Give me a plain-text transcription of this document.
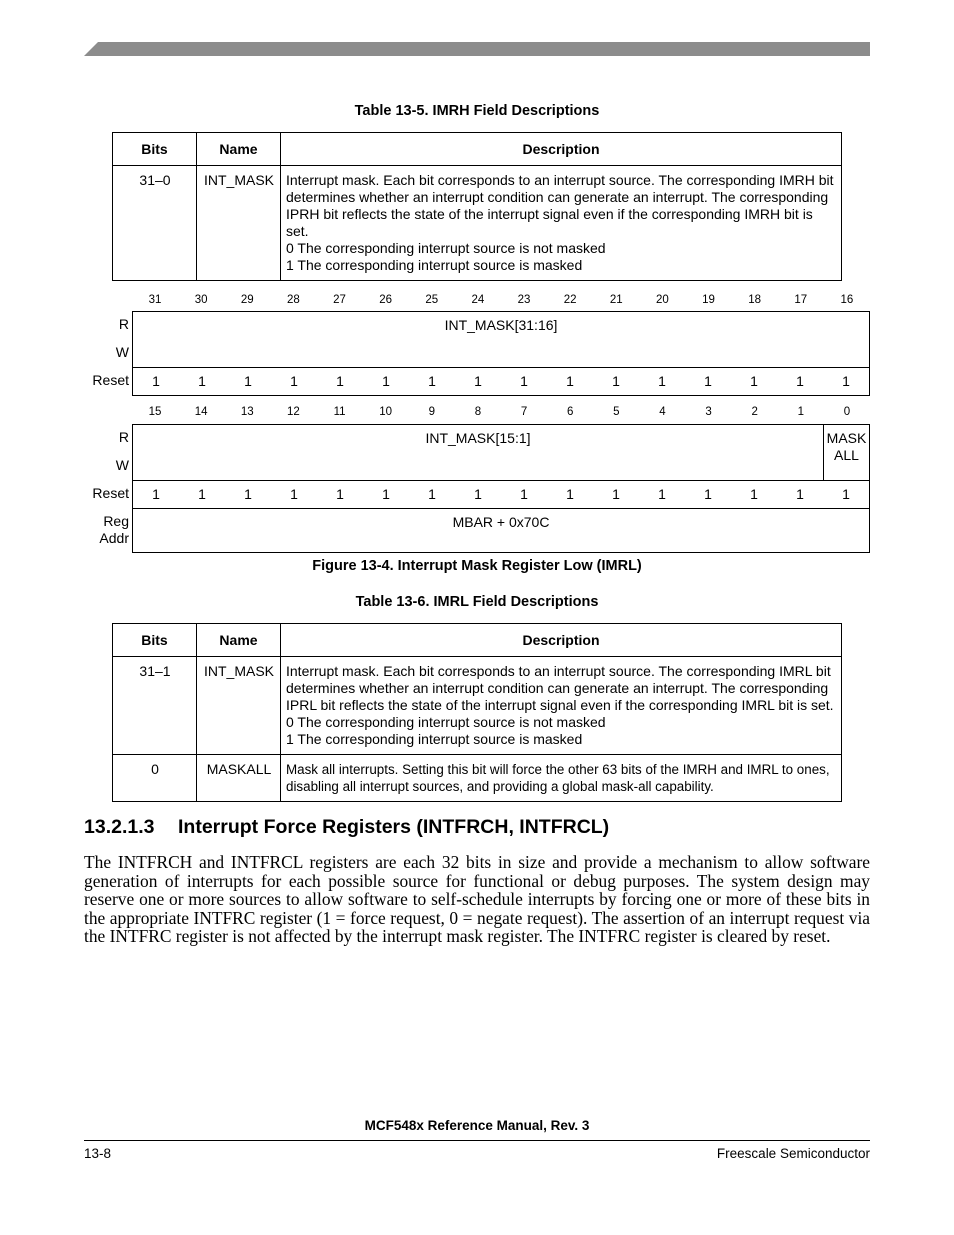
Table 13-5. IMRH Field Descriptions
Bits	Name	Description
31–0	INT_MASK	Interrupt mask. Each bit corresponds to an interrupt source. The corresponding IMRH bit
determines whether an interrupt condition can generate an interrupt. The corresponding
IPRH bit reflects the state of the interrupt signal even if the corresponding IMRH bit is set.
0 The corresponding interrupt source is not masked
1 The corresponding interrupt source is masked
31	30	29	28	27	26	25	24	23	22	21	20	19	18	17	16
R
W
INT_MASK[31:16]
Reset	1	1	1	1	1	1	1	1	1	1	1	1	1	1	1	1
15	14	13	12	11	10	9	8	7	6	5	4	3	2	1	0
R
W
INT_MASK[15:1]	MASK
ALL
Reset	1	1	1	1	1	1	1	1	1	1	1	1	1	1	1	1
Reg
Addr
MBAR + 0x70C
Figure 13-4. Interrupt Mask Register Low (IMRL)
Table 13-6. IMRL Field Descriptions
Bits	Name	Description
31–1	INT_MASK	Interrupt mask. Each bit corresponds to an interrupt source. The corresponding IMRL bit
determines whether an interrupt condition can generate an interrupt. The corresponding
IPRL bit reflects the state of the interrupt signal even if the corresponding IMRL bit is set.
0 The corresponding interrupt source is not masked
1 The corresponding interrupt source is masked

0	MASKALL	Mask all interrupts. Setting this bit will force the other 63 bits of the IMRH and IMRL to ones,
disabling all interrupt sources, and providing a global mask-all capability.
13.2.1.3 Interrupt Force Registers (INTFRCH, INTFRCL)
The INTFRCH and INTFRCL registers are each 32 bits in size and provide a mechanism to allow software generation of interrupts for each possible source for functional or debug purposes. The system design may reserve one or more sources to allow software to self-schedule interrupts by forcing one or more of these bits in the appropriate INTFRC register (1 = force request, 0 = negate request). The assertion of an interrupt request via the INTFRC register is not affected by the interrupt mask register. The INTFRC register is cleared by reset.
MCF548x Reference Manual, Rev. 3
13-8	Freescale Semiconductor
